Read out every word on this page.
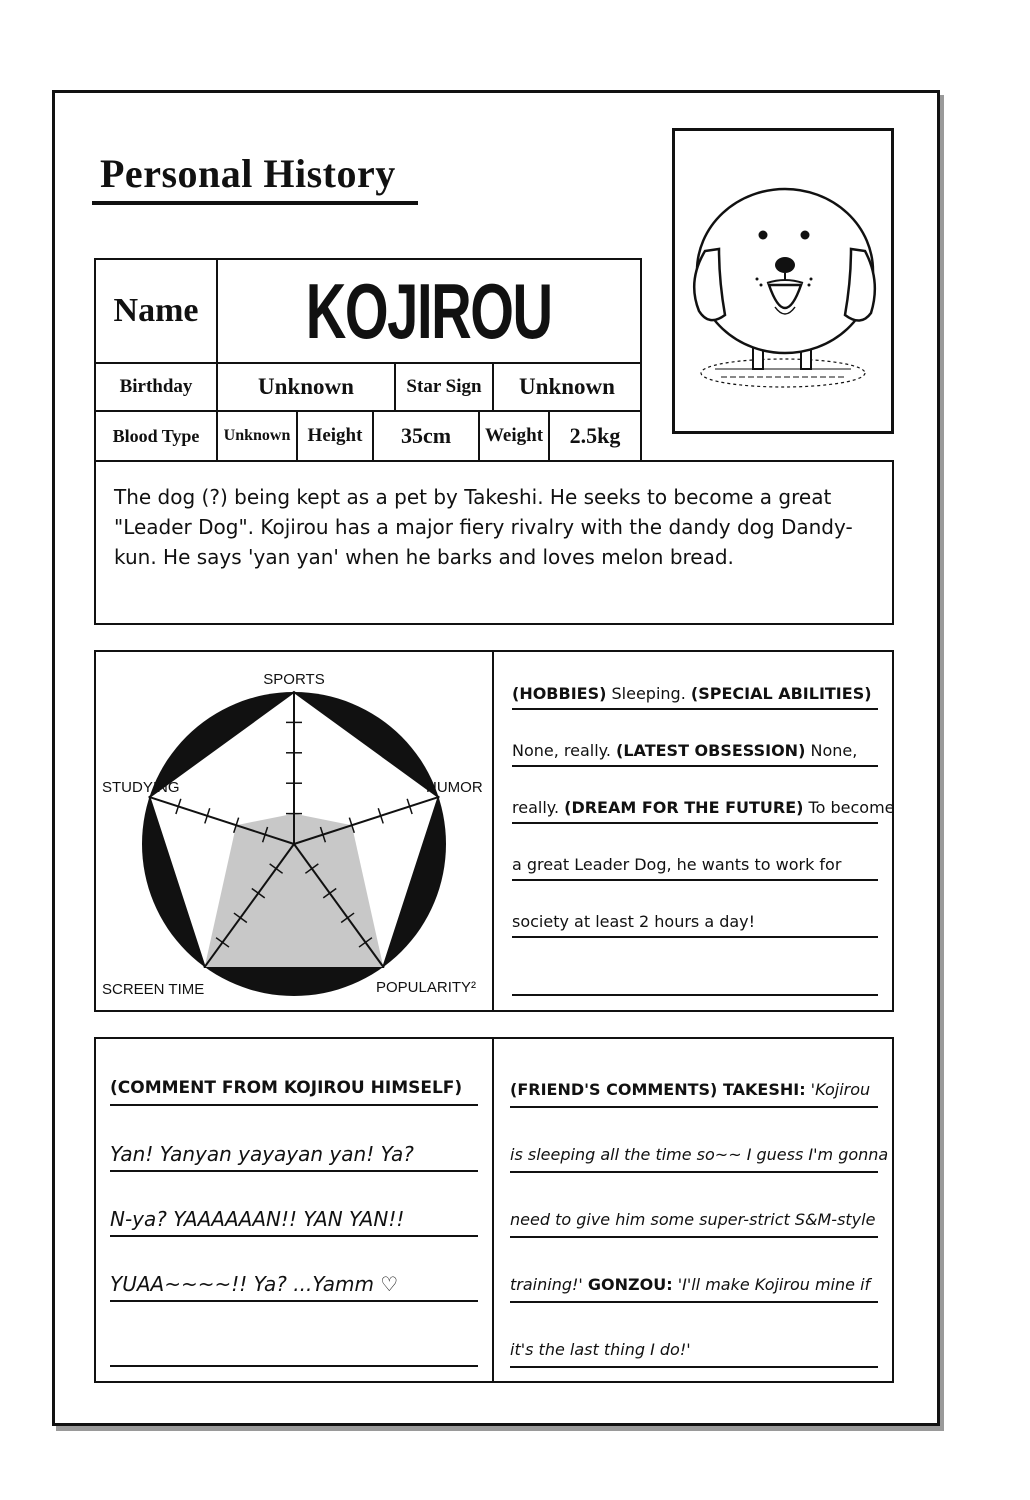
Personal History
Name KOJIROU
Birthday	Unknown	Star Sign	Unknown
Blood Type	Unknown Height	35cm	Weight	2.5kg
The dog (?) being kept as a pet by Takeshi. He seeks to become a great "Leader Dog". Kojirou has a major fiery rivalry with the dandy dog Dandy-kun. He says 'yan yan' when he barks and loves melon bread.
SPORTS
HUMOR
POPULARITY²
SCREEN TIME
STUDYING
(HOBBIES) Sleeping. (SPECIAL ABILITIES)
None, really. (LATEST OBSESSION) None,
really. (DREAM FOR THE FUTURE) To become
a great Leader Dog, he wants to work for
society at least 2 hours a day!
(COMMENT FROM KOJIROU HIMSELF)
Yan! Yanyan yayayan yan! Ya?
N-ya? YAAAAAAN!! YAN YAN!!
YUAA~~~~!! Ya? ...Yamm ♡
(FRIEND'S COMMENTS) TAKESHI: 'Kojirou
is sleeping all the time so~~ I guess I'm gonna
need to give him some super-strict S&M-style
training!' GONZOU: 'I'll make Kojirou mine if
it's the last thing I do!'
